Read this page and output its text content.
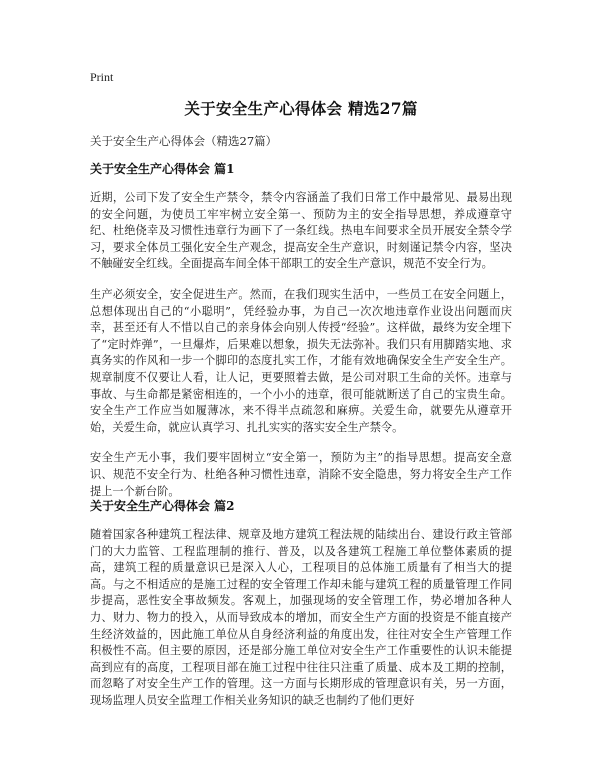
Print
关于安全生产心得体会 精选27篇
关于安全生产心得体会（精选27篇）
关于安全生产心得体会 篇1

近期，公司下发了安全生产禁令，禁令内容涵盖了我们日常工作中最常见、最易出现的安全问题，为使员工牢牢树立安全第一、预防为主的安全指导思想，养成遵章守纪、杜绝侥幸及习惯性违章行为画下了一条红线。热电车间要求全员开展安全禁令学习，要求全体员工强化安全生产观念，提高安全生产意识，时刻谨记禁令内容，坚决不触碰安全红线。全面提高车间全体干部职工的安全生产意识，规范不安全行为。

生产必须安全，安全促进生产。然而，在我们现实生活中，一些员工在安全问题上，总想体现出自己的“小聪明”，凭经验办事，为自己一次次地违章作业设出问题而庆幸，甚至还有人不惜以自己的亲身体会向别人传授“经验”。这样做，最终为安全埋下了“定时炸弹”，一旦爆炸，后果难以想象，损失无法弥补。我们只有用脚踏实地、求真务实的作风和一步一个脚印的态度扎实工作，才能有效地确保安全生产安全生产。规章制度不仅要让人看，让人记，更要照着去做，是公司对职工生命的关怀。违章与事故、与生命都是紧密相连的，一个小小的违章，很可能就断送了自己的宝贵生命。安全生产工作应当如履薄冰，来不得半点疏忽和麻痹。关爱生命，就要先从遵章开始，关爱生命，就应认真学习、扎扎实实的落实安全生产禁令。

安全生产无小事，我们要牢固树立“安全第一，预防为主”的指导思想。提高安全意识、规范不安全行为、杜绝各种习惯性违章，消除不安全隐患，努力将安全生产工作提上一个新台阶。

关于安全生产心得体会 篇2

随着国家各种建筑工程法律、规章及地方建筑工程法规的陆续出台、建设行政主管部门的大力监管、工程监理制的推行、普及，以及各建筑工程施工单位整体素质的提高，建筑工程的质量意识已是深入人心，工程项目的总体施工质量有了相当大的提高。与之不相适应的是施工过程的安全管理工作却未能与建筑工程的质量管理工作同步提高，恶性安全事故频发。客观上，加强现场的安全管理工作，势必增加各种人力、财力、物力的投入，从而导致成本的增加，而安全生产方面的投资是不能直接产生经济效益的，因此施工单位从自身经济利益的角度出发，往往对安全生产管理工作积极性不高。但主要的原因，还是部分施工单位对安全生产工作重要性的认识未能提高到应有的高度，工程项目部在施工过程中往往只注重了质量、成本及工期的控制，而忽略了对安全生产工作的管理。这一方面与长期形成的管理意识有关，另一方面，现场监理人员安全监理工作相关业务知识的缺乏也制约了他们更好
